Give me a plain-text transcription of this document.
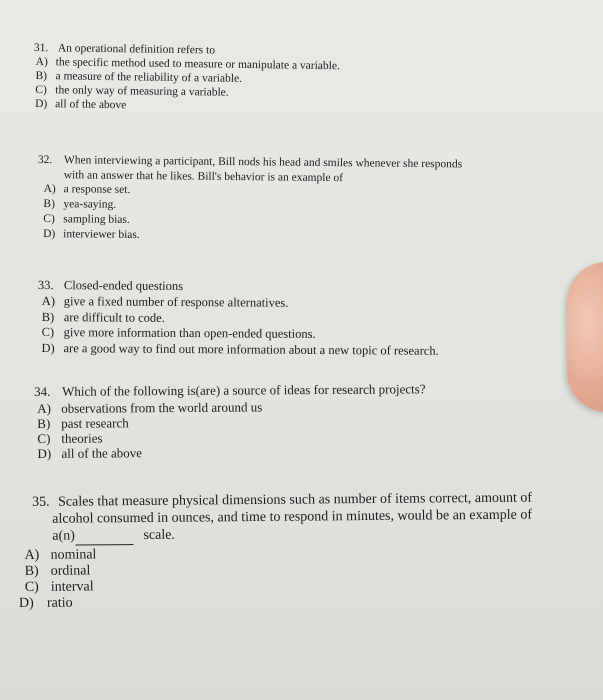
31. An operational definition refers to
A) the specific method used to measure or manipulate a variable.
B) a measure of the reliability of a variable.
C) the only way of measuring a variable.
D) all of the above
32. When interviewing a participant, Bill nods his head and smiles whenever she responds
with an answer that he likes. Bill's behavior is an example of
A) a response set.
B) yea-saying.
C) sampling bias.
D) interviewer bias.
33. Closed-ended questions
A) give a fixed number of response alternatives.
B) are difficult to code.
C) give more information than open-ended questions.
D) are a good way to find out more information about a new topic of research.
34. Which of the following is(are) a source of ideas for research projects?
A) observations from the world around us
B) past research
C) theories
D) all of the above
35. Scales that measure physical dimensions such as number of items correct, amount of
alcohol consumed in ounces, and time to respond in minutes, would be an example of
a(n)	scale.
A) nominal
B) ordinal
C) interval
D) ratio
